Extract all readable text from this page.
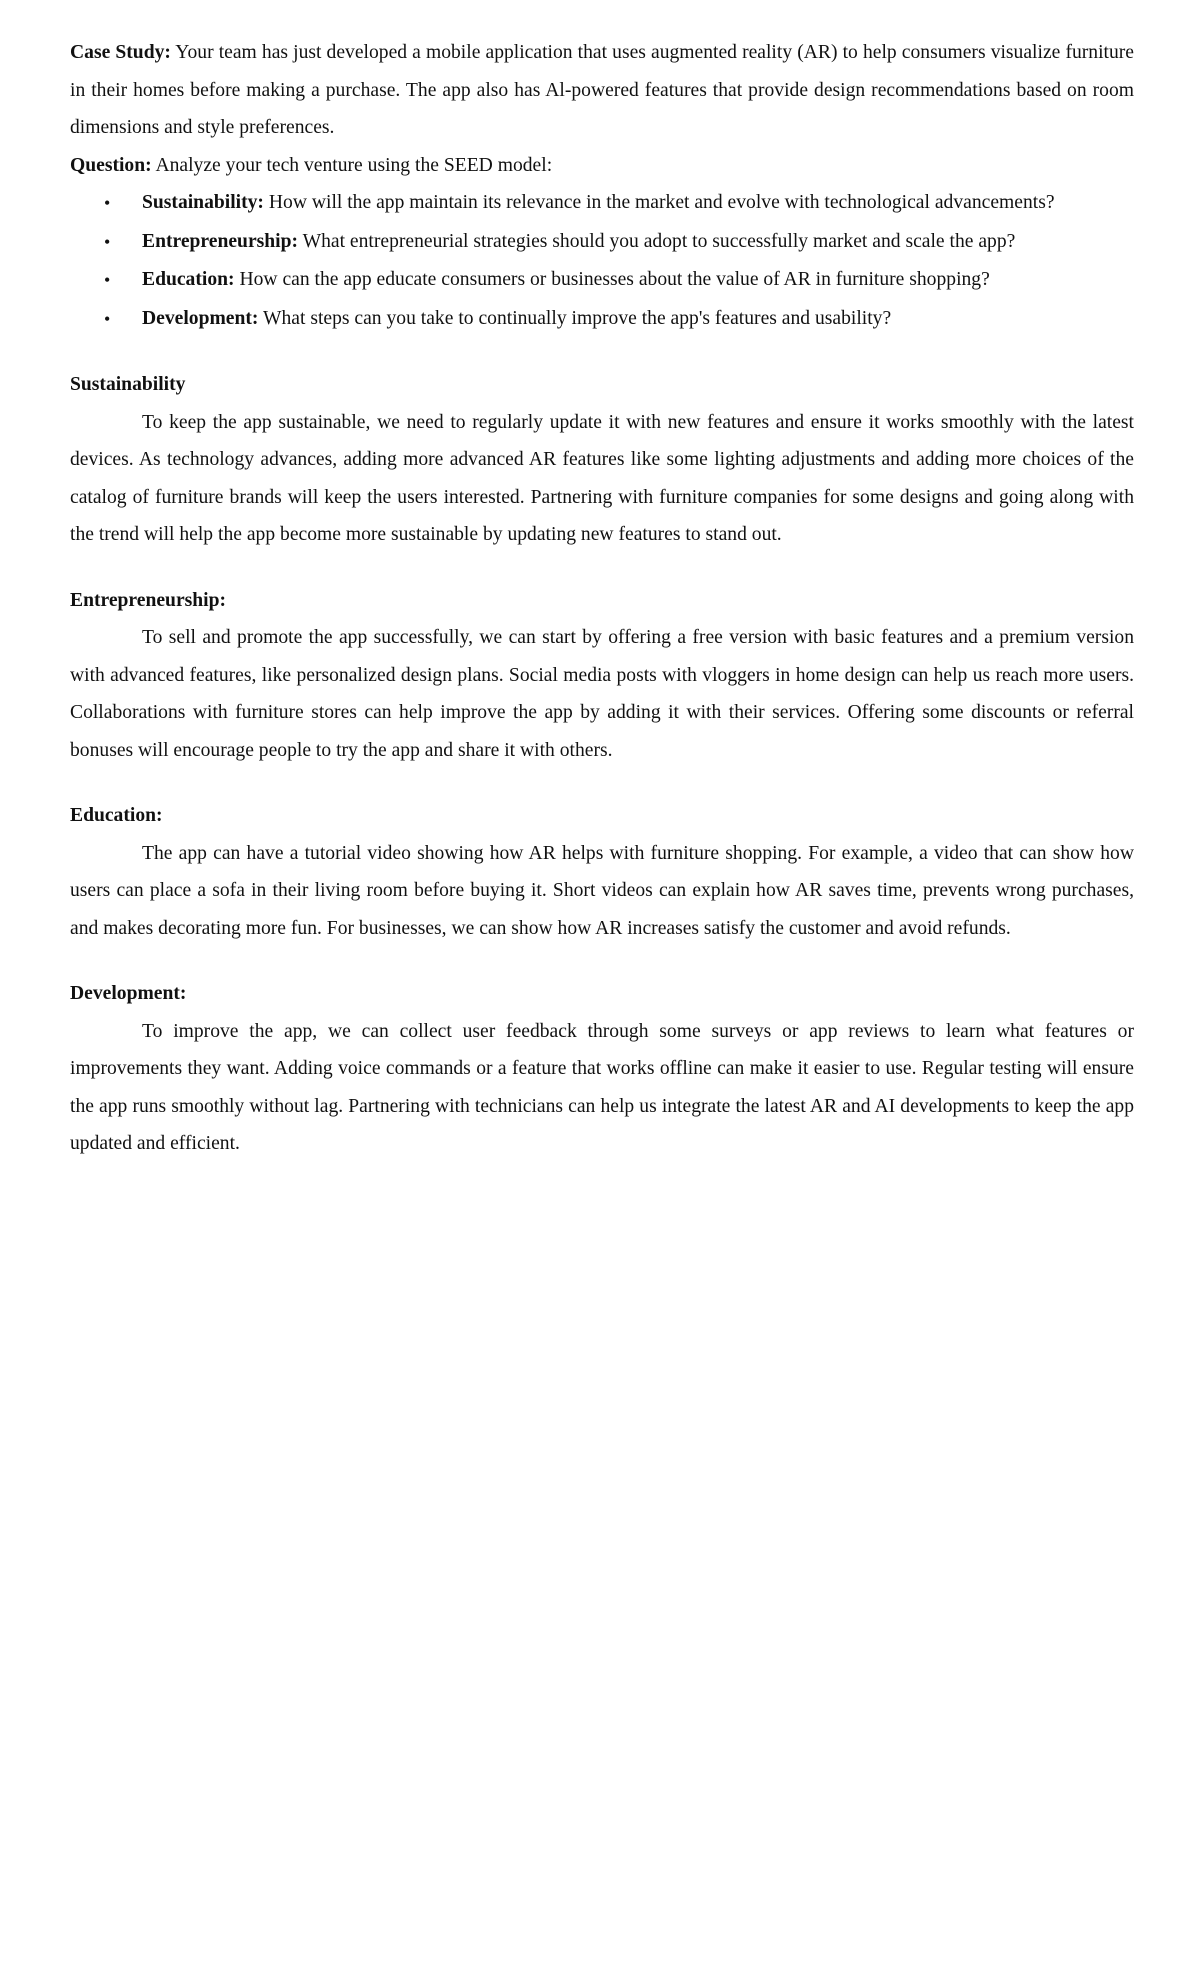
Case Study: Your team has just developed a mobile application that uses augmented reality (AR) to help consumers visualize furniture in their homes before making a purchase. The app also has Al-powered features that provide design recommendations based on room dimensions and style preferences.

Question: Analyze your tech venture using the SEED model:

• Sustainability: How will the app maintain its relevance in the market and evolve with technological advancements?
• Entrepreneurship: What entrepreneurial strategies should you adopt to successfully market and scale the app?
• Education: How can the app educate consumers or businesses about the value of AR in furniture shopping?
• Development: What steps can you take to continually improve the app's features and usability?
Sustainability

To keep the app sustainable, we need to regularly update it with new features and ensure it works smoothly with the latest devices. As technology advances, adding more advanced AR features like some lighting adjustments and adding more choices of the catalog of furniture brands will keep the users interested. Partnering with furniture companies for some designs and going along with the trend will help the app become more sustainable by updating new features to stand out.

Entrepreneurship:

To sell and promote the app successfully, we can start by offering a free version with basic features and a premium version with advanced features, like personalized design plans. Social media posts with vloggers in home design can help us reach more users. Collaborations with furniture stores can help improve the app by adding it with their services. Offering some discounts or referral bonuses will encourage people to try the app and share it with others.

Education:

The app can have a tutorial video showing how AR helps with furniture shopping. For example, a video that can show how users can place a sofa in their living room before buying it. Short videos can explain how AR saves time, prevents wrong purchases, and makes decorating more fun. For businesses, we can show how AR increases satisfy the customer and avoid refunds.

Development:

To improve the app, we can collect user feedback through some surveys or app reviews to learn what features or improvements they want. Adding voice commands or a feature that works offline can make it easier to use. Regular testing will ensure the app runs smoothly without lag. Partnering with technicians can help us integrate the latest AR and AI developments to keep the app updated and efficient.
